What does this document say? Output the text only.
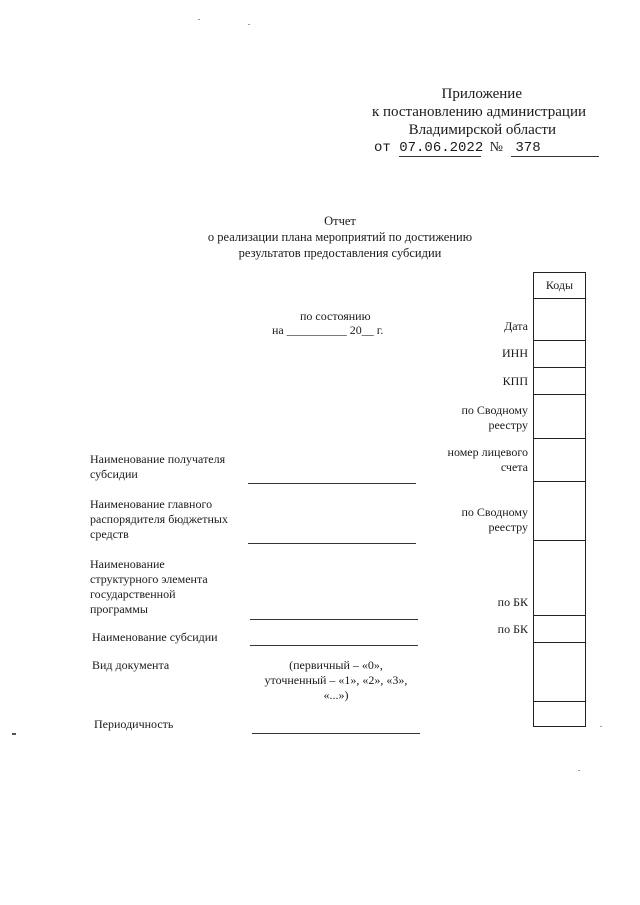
Приложение
к постановлению администрации
Владимирской области
от 07.06.2022 № 378
Отчет
о реализации плана мероприятий по достижению
результатов предоставления субсидии
по состоянию
на __________ 20__ г.
Коды

Дата
ИНН
КПП
по Сводному
реестру
номер лицевого
счета
по Сводному
реестру
по БК
по БК
Наименование получателя
субсидии
Наименование главного
распорядителя бюджетных
средств
Наименование
структурного элемента
государственной
программы
Наименование субсидии
Вид документа	(первичный – «0»,
уточненный – «1», «2», «3»,
«...»)
Периодичность
